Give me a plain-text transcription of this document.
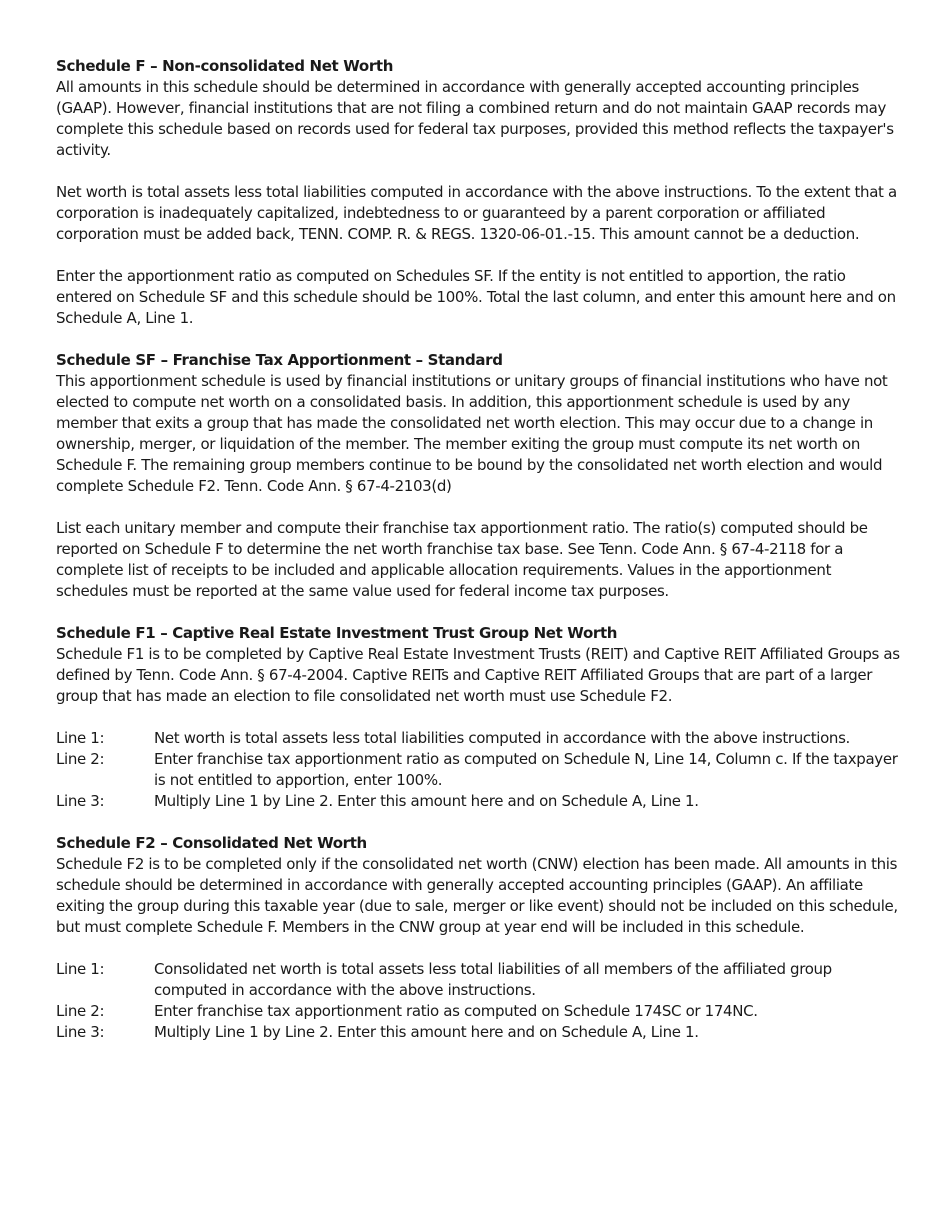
Schedule F – Non-consolidated Net Worth

All amounts in this schedule should be determined in accordance with generally accepted accounting principles (GAAP). However, financial institutions that are not filing a combined return and do not maintain GAAP records may complete this schedule based on records used for federal tax purposes, provided this method reflects the taxpayer's activity.

Net worth is total assets less total liabilities computed in accordance with the above instructions. To the extent that a corporation is inadequately capitalized, indebtedness to or guaranteed by a parent corporation or affiliated corporation must be added back, TENN. COMP. R. & REGS. 1320-06-01.-15. This amount cannot be a deduction.

Enter the apportionment ratio as computed on Schedules SF. If the entity is not entitled to apportion, the ratio entered on Schedule SF and this schedule should be 100%. Total the last column, and enter this amount here and on Schedule A, Line 1.

Schedule SF – Franchise Tax Apportionment – Standard

This apportionment schedule is used by financial institutions or unitary groups of financial institutions who have not elected to compute net worth on a consolidated basis. In addition, this apportionment schedule is used by any member that exits a group that has made the consolidated net worth election. This may occur due to a change in ownership, merger, or liquidation of the member. The member exiting the group must compute its net worth on Schedule F. The remaining group members continue to be bound by the consolidated net worth election and would complete Schedule F2. Tenn. Code Ann. § 67-4-2103(d)

List each unitary member and compute their franchise tax apportionment ratio. The ratio(s) computed should be reported on Schedule F to determine the net worth franchise tax base. See Tenn. Code Ann. § 67-4-2118 for a complete list of receipts to be included and applicable allocation requirements. Values in the apportionment schedules must be reported at the same value used for federal income tax purposes.

Schedule F1 – Captive Real Estate Investment Trust Group Net Worth

Schedule F1 is to be completed by Captive Real Estate Investment Trusts (REIT) and Captive REIT Affiliated Groups as defined by Tenn. Code Ann. § 67-4-2004. Captive REITs and Captive REIT Affiliated Groups that are part of a larger group that has made an election to file consolidated net worth must use Schedule F2.

Line 1:	Net worth is total assets less total liabilities computed in accordance with the above instructions.
Line 2:	Enter franchise tax apportionment ratio as computed on Schedule N, Line 14, Column c. If the taxpayer is not entitled to apportion, enter 100%.
Line 3:	Multiply Line 1 by Line 2. Enter this amount here and on Schedule A, Line 1.
Schedule F2 – Consolidated Net Worth

Schedule F2 is to be completed only if the consolidated net worth (CNW) election has been made. All amounts in this schedule should be determined in accordance with generally accepted accounting principles (GAAP). An affiliate exiting the group during this taxable year (due to sale, merger or like event) should not be included on this schedule, but must complete Schedule F. Members in the CNW group at year end will be included in this schedule.

Line 1:	Consolidated net worth is total assets less total liabilities of all members of the affiliated group computed in accordance with the above instructions.
Line 2:	Enter franchise tax apportionment ratio as computed on Schedule 174SC or 174NC.
Line 3:	Multiply Line 1 by Line 2. Enter this amount here and on Schedule A, Line 1.
